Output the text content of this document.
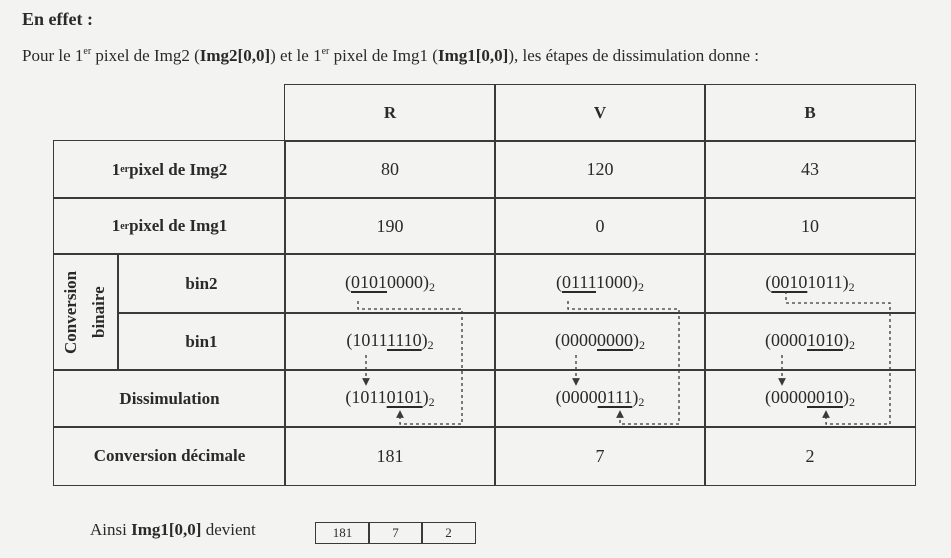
En effet :
Pour le 1er pixel de Img2 (Img2[0,0]) et le 1er pixel de Img1 (Img1[0,0]), les étapes de dissimulation donne :
R	V	B
1 er pixel de Img2	80	120	43
1 er pixel de Img1	190	0	10
Conversion binaire
bin2	$(01010000)_2$	$(01111000)_2$	$(00101011)_2$
bin1	$(10111110)_2$	$(00000000)_2$	$(00001010)_2$
Dissimulation	$(10110101)_2$	$(00000111)_2$	$(00000010)_2$
Conversion décimale	181	7	2
Ainsi Img1[0,0] devient	181	7	2
